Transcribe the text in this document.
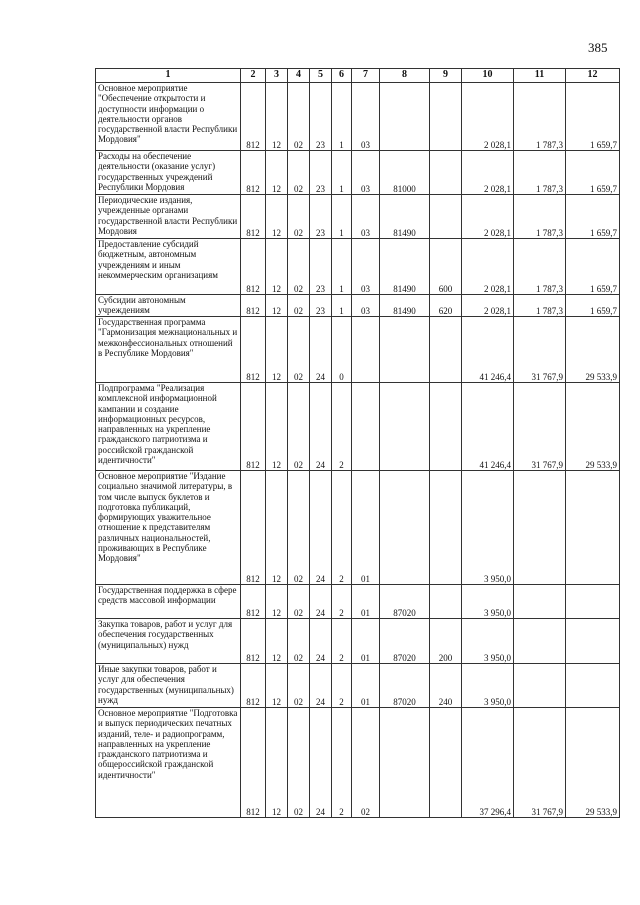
385
1	2	3	4	5	6	7	8	9	10	11	12
Основное мероприятие "Обеспечение открытости и доступности информации о деятельности органов государственной власти Республики Мордовия"	812	12	02	23	1	03			2 028,1	1 787,3	1 659,7
Расходы на обеспечение деятельности (оказание услуг) государственных учреждений Республики Мордовия	812	12	02	23	1	03	81000		2 028,1	1 787,3	1 659,7
Периодические издания, учрежденные органами государственной власти Республики Мордовия	812	12	02	23	1	03	81490		2 028,1	1 787,3	1 659,7
Предоставление субсидий бюджетным, автономным учреждениям и иным некоммерческим организациям	812	12	02	23	1	03	81490	600	2 028,1	1 787,3	1 659,7
Субсидии автономным учреждениям	812	12	02	23	1	03	81490	620	2 028,1	1 787,3	1 659,7
Государственная программа "Гармонизация межнациональных и межконфессиональных отношений в Республике Мордовия"	812	12	02	24	0				41 246,4	31 767,9	29 533,9
Подпрограмма "Реализация комплексной информационной кампании и создание информационных ресурсов, направленных на укрепление гражданского патриотизма и российской гражданской идентичности"	812	12	02	24	2				41 246,4	31 767,9	29 533,9
Основное мероприятие "Издание социально значимой литературы, в том числе выпуск буклетов и подготовка публикаций, формирующих уважительное отношение к представителям различных национальностей, проживающих в Республике Мордовия"	812	12	02	24	2	01			3 950,0		
Государственная поддержка в сфере средств массовой информации	812	12	02	24	2	01	87020		3 950,0		
Закупка товаров, работ и услуг для обеспечения государственных (муниципальных) нужд	812	12	02	24	2	01	87020	200	3 950,0		
Иные закупки товаров, работ и услуг для обеспечения государственных (муниципальных) нужд	812	12	02	24	2	01	87020	240	3 950,0		
Основное мероприятие "Подготовка и выпуск периодических печатных изданий, теле- и радиопрограмм, направленных на укрепление гражданского патриотизма и общероссийской гражданской идентичности"	812	12	02	24	2	02			37 296,4	31 767,9	29 533,9
